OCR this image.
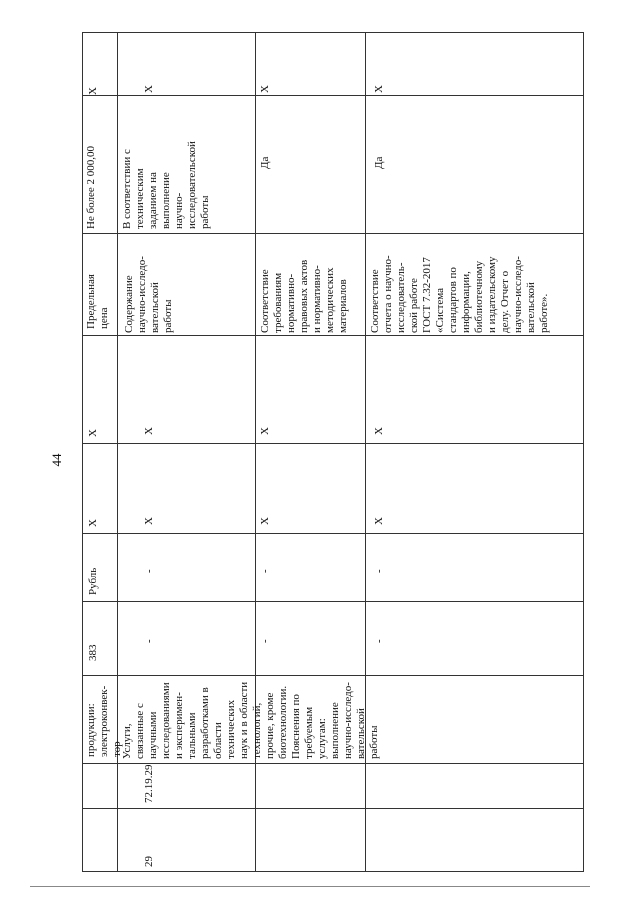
44
X
Не более 2 000,00
Предельная
цена
X
X
Рубль
383
продукции:
электроконвек-
тор
29
72.19.29
Услуги,
связанные с
научными
исследованиями
и эксперимен-
тальными
разработками в
области
технических
наук и в области
технологий,
прочие, кроме
биотехнологии.
Пояснения по
требуемым
услугам:
выполнение
научно-исследо-
вательской
работы
-
-
X
X
Содержание
научно-исследо-
вательской
работы
В соответствии с
техническим
заданием на
выполнение
научно-
исследовательской
работы
X
-
-
X
X
Соответствие
требованиям
нормативно-
правовых актов
и нормативно-
методических
материалов
Да
X
-
-
X
X
Соответствие
отчета о научно-
исследователь-
ской работе
ГОСТ 7.32-2017
«Система
стандартов по
информации,
библиотечному
и издательскому
делу. Отчет о
научно-исследо-
вательской
работе».
Да
X
